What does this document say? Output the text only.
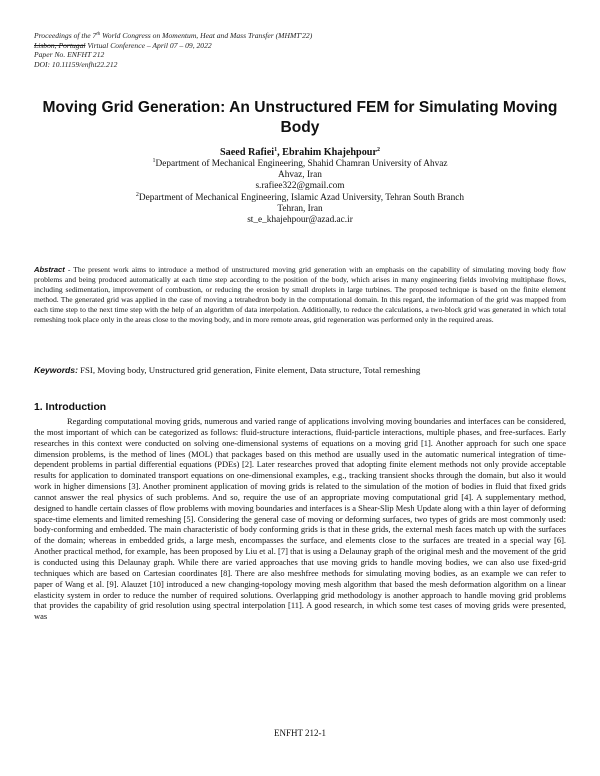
Proceedings of the 7th World Congress on Momentum, Heat and Mass Transfer (MHMT'22)
Lisbon, Portugal Virtual Conference – April 07 – 09, 2022
Paper No. ENFHT 212
DOI: 10.11159/enfht22.212
Moving Grid Generation: An Unstructured FEM for Simulating Moving
Body
Saeed Rafiei$^1$, Ebrahim Khajehpour$^2$
$^1$Department of Mechanical Engineering, Shahid Chamran University of Ahvaz
Ahvaz, Iran
s.rafiee322@gmail.com
$^2$Department of Mechanical Engineering, Islamic Azad University, Tehran South Branch
Tehran, Iran
st_e_khajehpour@azad.ac.ir
Abstract - The present work aims to introduce a method of unstructured moving grid generation with an emphasis on the capability of simulating moving body flow problems and being produced automatically at each time step according to the position of the body, which arises in many engineering fields involving multiphase flows, including sedimentation, improvement of combustion, or reducing the erosion by small droplets in large turbines. The proposed technique is based on the finite element method. The generated grid was applied in the case of moving a tetrahedron body in the computational domain. In this regard, the information of the grid was mapped from each time step to the next time step with the help of an algorithm of data interpolation. Additionally, to reduce the calculations, a two-block grid was generated in which total remeshing took place only in the areas close to the moving body, and in more remote areas, grid regeneration was performed only in the required areas.
Keywords: FSI, Moving body, Unstructured grid generation, Finite element, Data structure, Total remeshing
1. Introduction

Regarding computational moving grids, numerous and varied range of applications involving moving boundaries and interfaces can be considered, the most important of which can be categorized as follows: fluid-structure interactions, fluid-particle interactions, multiple phases, and free-surfaces. Early researches in this context were conducted on solving one-dimensional systems of equations on a moving grid [1]. Another approach for such one space dimension problems, is the method of lines (MOL) that packages based on this method are usually used in the automatic numerical integration of time-dependent problems in partial differential equations (PDEs) [2]. Later researches proved that adopting finite element methods not only provide acceptable results for application to dominated transport equations on one-dimensional examples, e.g., tracking transient shocks through the domain, but also it would work in higher dimensions [3]. Another prominent application of moving grids is related to the simulation of the motion of bodies in fluid that fixed grids cannot answer the real physics of such problems. And so, require the use of an appropriate moving computational grid [4]. A supplementary method, designed to handle certain classes of flow problems with moving boundaries and interfaces is a Shear-Slip Mesh Update along with a thin layer of deforming space-time elements and limited remeshing [5]. Considering the general case of moving or deforming surfaces, two types of grids are most commonly used: body-conforming and embedded. The main characteristic of body conforming grids is that in these grids, the external mesh faces match up with the surfaces of the domain; whereas in embedded grids, a large mesh, encompasses the surface, and elements close to the surfaces are treated in a special way [6]. Another practical method, for example, has been proposed by Liu et al. [7] that is using a Delaunay graph of the original mesh and the movement of the grid is conducted using this Delaunay graph. While there are varied approaches that use moving grids to handle moving bodies, we can also use fixed-grid techniques which are based on Cartesian coordinates [8]. There are also meshfree methods for simulating moving bodies, as an example we can refer to paper of Wang et al. [9]. Alauzet [10] introduced a new changing-topology moving mesh algorithm that based the mesh deformation algorithm on a linear elasticity system in order to reduce the number of required solutions. Overlapping grid methodology is another approach to handle moving grid problems that provides the capability of grid resolution using spectral interpolation [11]. A good research, in which some test cases of moving grids were presented, was

ENFHT 212-1
